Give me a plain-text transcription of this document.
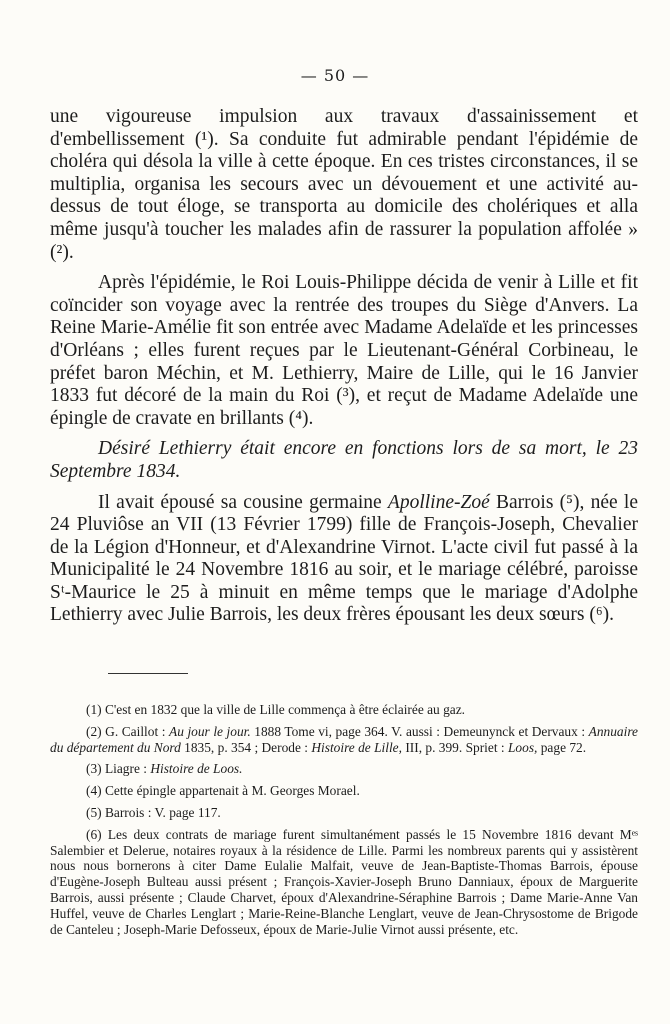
— 50 —

une vigoureuse impulsion aux travaux d'assainissement et d'embellissement (¹). Sa conduite fut admirable pendant l'épidémie de choléra qui désola la ville à cette époque. En ces tristes circonstances, il se multiplia, organisa les secours avec un dévouement et une activité au-dessus de tout éloge, se transporta au domicile des cholériques et alla même jusqu'à toucher les malades afin de rassurer la population affolée » (²).

Après l'épidémie, le Roi Louis-Philippe décida de venir à Lille et fit coïncider son voyage avec la rentrée des troupes du Siège d'Anvers. La Reine Marie-Amélie fit son entrée avec Madame Adelaïde et les princesses d'Orléans ; elles furent reçues par le Lieutenant-Général Corbineau, le préfet baron Méchin, et M. Lethierry, Maire de Lille, qui le 16 Janvier 1833 fut décoré de la main du Roi (³), et reçut de Madame Adelaïde une épingle de cravate en brillants (⁴).

Désiré Lethierry était encore en fonctions lors de sa mort, le 23 Septembre 1834.

Il avait épousé sa cousine germaine Apolline-Zoé Barrois (⁵), née le 24 Pluviôse an VII (13 Février 1799) fille de François-Joseph, Chevalier de la Légion d'Honneur, et d'Alexandrine Virnot. L'acte civil fut passé à la Municipalité le 24 Novembre 1816 au soir, et le mariage célébré, paroisse Sᵗ-Maurice le 25 à minuit en même temps que le mariage d'Adolphe Lethierry avec Julie Barrois, les deux frères épousant les deux sœurs (⁶).

(1) C'est en 1832 que la ville de Lille commença à être éclairée au gaz.

(2) G. Caillot : Au jour le jour. 1888 Tome vi, page 364. V. aussi : Demeunynck et Dervaux : Annuaire du département du Nord 1835, p. 354 ; Derode : Histoire de Lille, III, p. 399. Spriet : Loos, page 72.

(3) Liagre : Histoire de Loos.

(4) Cette épingle appartenait à M. Georges Morael.

(5) Barrois : V. page 117.

(6) Les deux contrats de mariage furent simultanément passés le 15 Novembre 1816 devant Mᵉˢ Salembier et Delerue, notaires royaux à la résidence de Lille. Parmi les nombreux parents qui y assistèrent nous nous bornerons à citer Dame Eulalie Malfait, veuve de Jean-Baptiste-Thomas Barrois, épouse d'Eugène-Joseph Bulteau aussi présent ; François-Xavier-Joseph Bruno Danniaux, époux de Marguerite Barrois, aussi présente ; Claude Charvet, époux d'Alexandrine-Séraphine Barrois ; Dame Marie-Anne Van Huffel, veuve de Charles Lenglart ; Marie-Reine-Blanche Lenglart, veuve de Jean-Chrysostome de Brigode de Canteleu ; Joseph-Marie Defosseux, époux de Marie-Julie Virnot aussi présente, etc.
